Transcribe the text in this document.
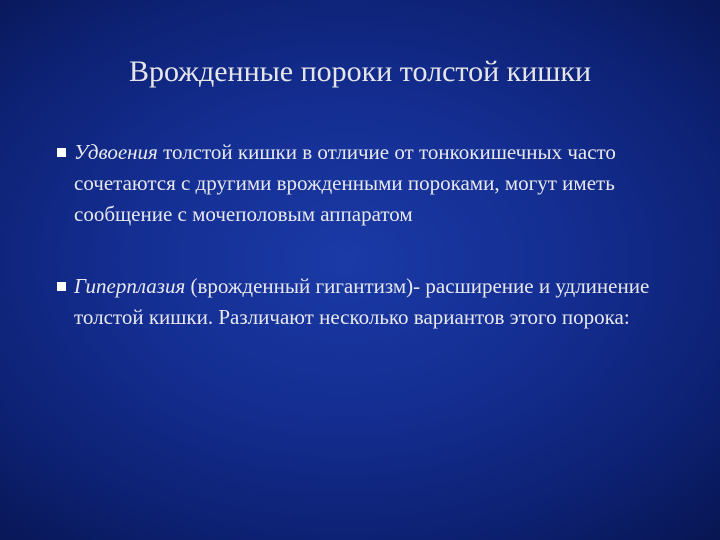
Врожденные пороки толстой кишки
Удвоения толстой кишки в отличие от тонкокишечных часто сочетаются с другими врожденными пороками, могут иметь сообщение с мочеполовым аппаратом
Гиперплазия (врожденный гигантизм)- расширение и удлинение толстой кишки. Различают несколько вариантов этого порока:
